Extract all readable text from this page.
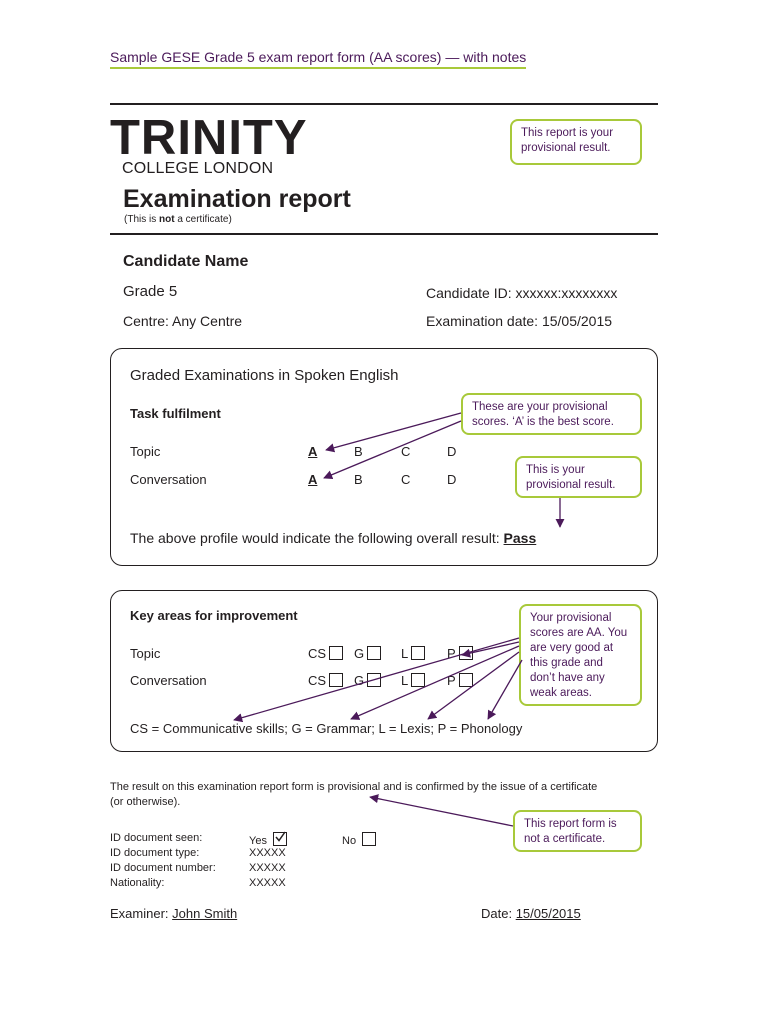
Sample GESE Grade 5 exam report form (AA scores) — with notes
TRINITY
COLLEGE LONDON
Examination report
(This is not a certificate)
This report is your provisional result.
Candidate Name
Grade 5
Centre: Any Centre
Candidate ID: xxxxxx:xxxxxxxx
Examination date: 15/05/2015
Graded Examinations in Spoken English
Task fulfilment
Topic	A	B	C	D
Conversation	A	B	C	D
The above profile would indicate the following overall result: Pass
These are your provisional scores. ‘A’ is the best score.
This is your provisional result.
Key areas for improvement
Topic	CS	G	L	P
Conversation	CS	G	L	P
CS = Communicative skills; G = Grammar; L = Lexis; P = Phonology
Your provisional scores are AA. You are very good at this grade and don’t have any weak areas.
The result on this examination report form is provisional and is confirmed by the issue of a certificate
(or otherwise).
This report form is not a certificate.
ID document seen:	Yes	No
ID document type:	XXXXX
ID document number:	XXXXX
Nationality:	XXXXX
Examiner: John Smith	Date: 15/05/2015
